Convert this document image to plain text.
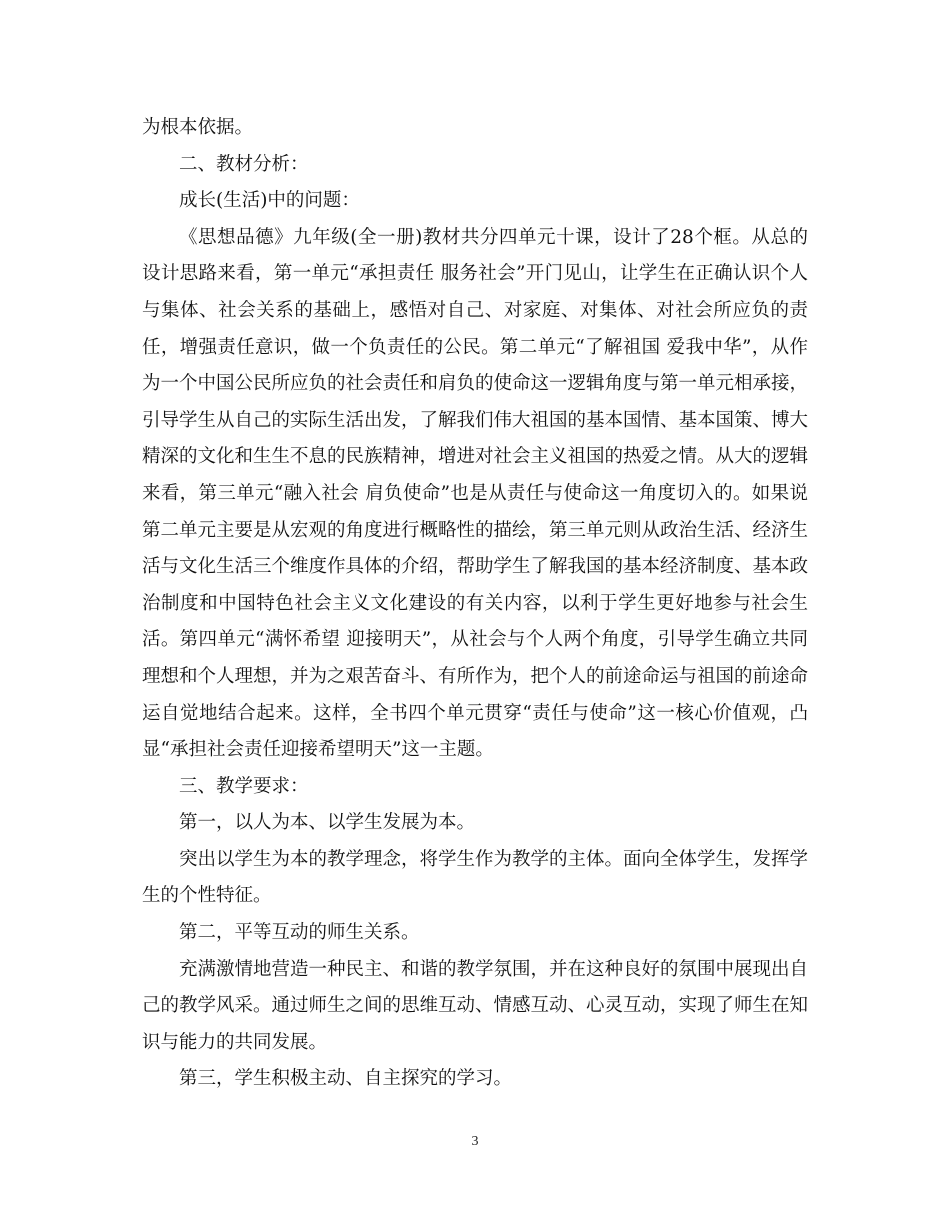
为根本依据。

二、教材分析：

成长(生活)中的问题：

《思想品德》九年级(全一册)教材共分四单元十课，设计了28个框。从总的设计思路来看，第一单元“承担责任 服务社会”开门见山，让学生在正确认识个人与集体、社会关系的基础上，感悟对自己、对家庭、对集体、对社会所应负的责任，增强责任意识，做一个负责任的公民。第二单元“了解祖国 爱我中华”，从作为一个中国公民所应负的社会责任和肩负的使命这一逻辑角度与第一单元相承接，引导学生从自己的实际生活出发，了解我们伟大祖国的基本国情、基本国策、博大精深的文化和生生不息的民族精神，增进对社会主义祖国的热爱之情。从大的逻辑来看，第三单元“融入社会 肩负使命”也是从责任与使命这一角度切入的。如果说第二单元主要是从宏观的角度进行概略性的描绘，第三单元则从政治生活、经济生活与文化生活三个维度作具体的介绍，帮助学生了解我国的基本经济制度、基本政治制度和中国特色社会主义文化建设的有关内容，以利于学生更好地参与社会生活。第四单元“满怀希望 迎接明天”，从社会与个人两个角度，引导学生确立共同理想和个人理想，并为之艰苦奋斗、有所作为，把个人的前途命运与祖国的前途命运自觉地结合起来。这样，全书四个单元贯穿“责任与使命”这一核心价值观，凸显“承担社会责任迎接希望明天”这一主题。

三、教学要求：

第一，以人为本、以学生发展为本。

突出以学生为本的教学理念，将学生作为教学的主体。面向全体学生，发挥学生的个性特征。

第二，平等互动的师生关系。

充满激情地营造一种民主、和谐的教学氛围，并在这种良好的氛围中展现出自己的教学风采。通过师生之间的思维互动、情感互动、心灵互动，实现了师生在知识与能力的共同发展。

第三，学生积极主动、自主探究的学习。

3
